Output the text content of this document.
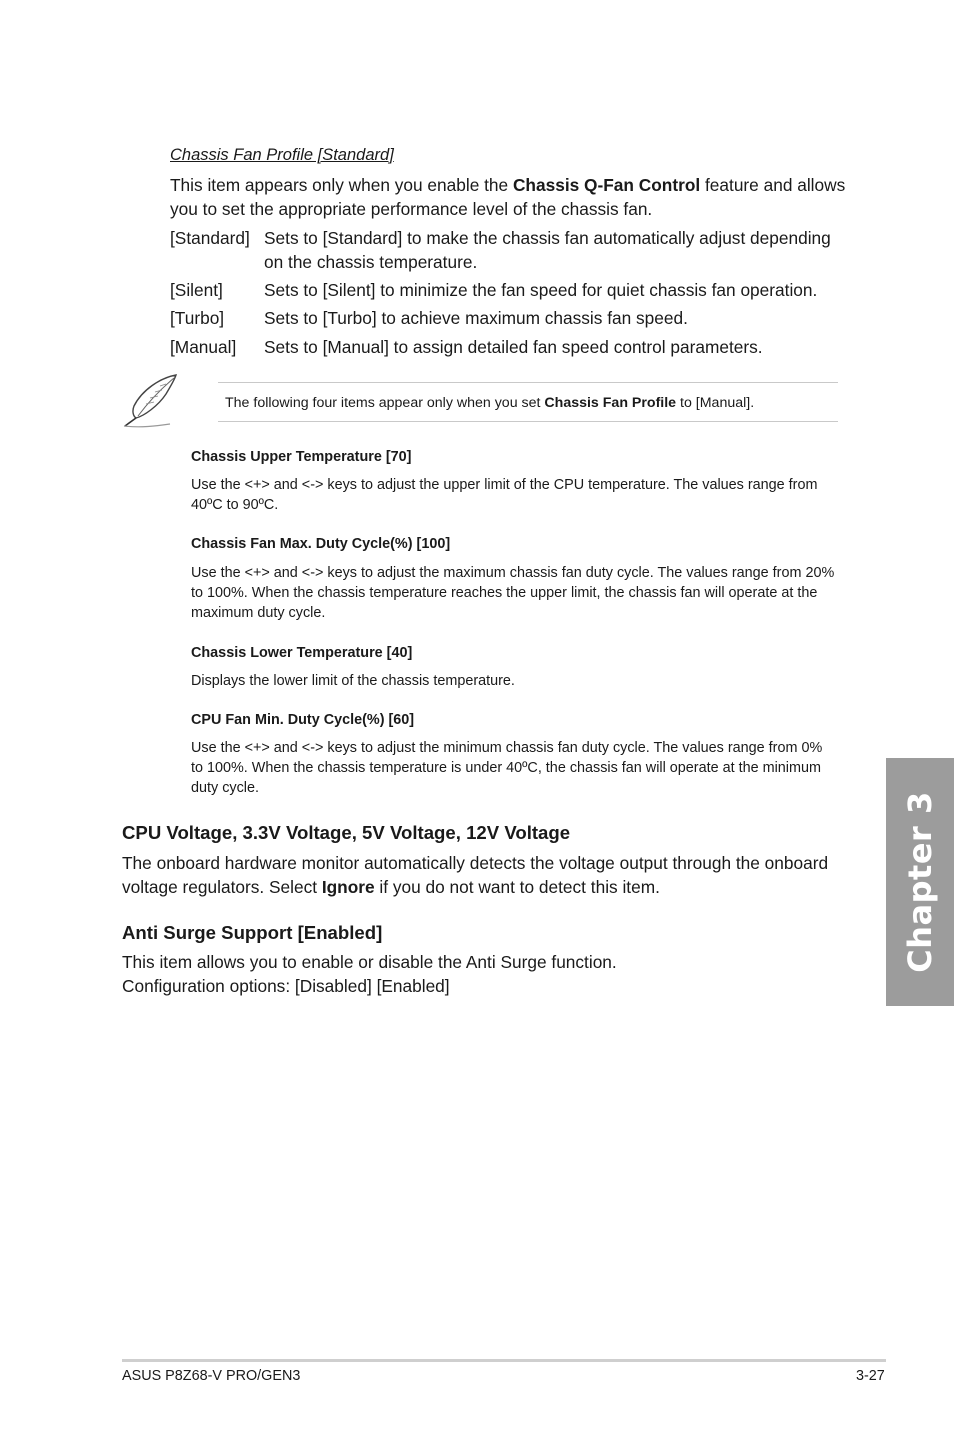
Chassis Fan Profile [Standard]
This item appears only when you enable the Chassis Q-Fan Control feature and allows you to set the appropriate performance level of the chassis fan.
[Standard] Sets to [Standard] to make the chassis fan automatically adjust depending on the chassis temperature.
[Silent] Sets to [Silent] to minimize the fan speed for quiet chassis fan operation.
[Turbo] Sets to [Turbo] to achieve maximum chassis fan speed.
[Manual] Sets to [Manual] to assign detailed fan speed control parameters.
The following four items appear only when you set Chassis Fan Profile to [Manual].
Chassis Upper Temperature [70]
Use the <+> and <-> keys to adjust the upper limit of the CPU temperature. The values range from 40ºC to 90ºC.
Chassis Fan Max. Duty Cycle(%) [100]
Use the <+> and <-> keys to adjust the maximum chassis fan duty cycle. The values range from 20% to 100%. When the chassis temperature reaches the upper limit, the chassis fan will operate at the maximum duty cycle.
Chassis Lower Temperature [40]
Displays the lower limit of the chassis temperature.
CPU Fan Min. Duty Cycle(%) [60]
Use the <+> and <-> keys to adjust the minimum chassis fan duty cycle. The values range from 0% to 100%. When the chassis temperature is under 40ºC, the chassis fan will operate at the minimum duty cycle.
CPU Voltage, 3.3V Voltage, 5V Voltage, 12V Voltage
The onboard hardware monitor automatically detects the voltage output through the onboard voltage regulators. Select Ignore if you do not want to detect this item.
Anti Surge Support [Enabled]
This item allows you to enable or disable the Anti Surge function.
Configuration options: [Disabled] [Enabled]
Chapter 3
ASUS P8Z68-V PRO/GEN3	3-27
